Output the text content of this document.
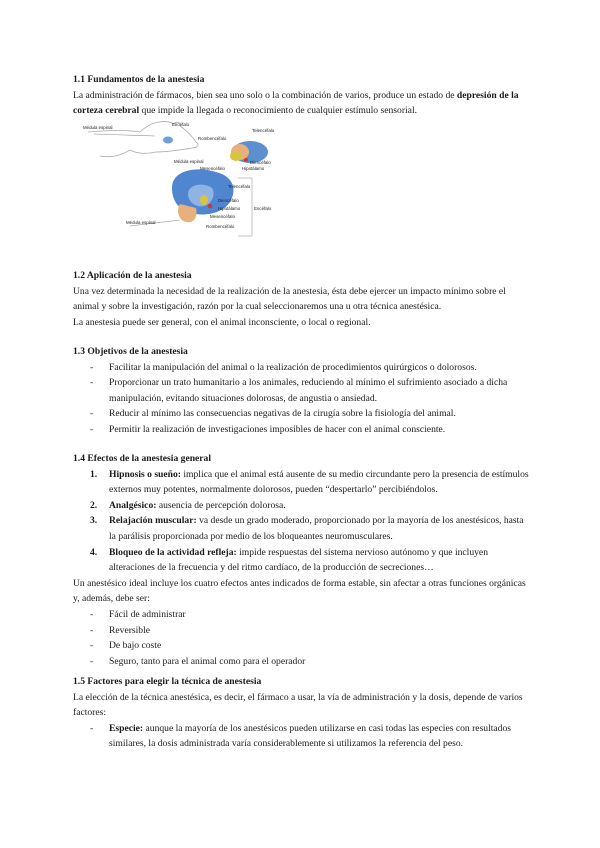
1.1 Fundamentos de la anestesia

La administración de fármacos, bien sea uno solo o la combinación de varios, produce un estado de depresión de la corteza cerebral que impide la llegada o reconocimiento de cualquier estímulo sensorial.

Médula espinal
Encéfalo
Rombencéfalo
Telencéfalo
Diencéfalo
Hipotálamo
Mesencéfalo
Médula espinal
Telencéfalo
Diencéfalo
Hipotálamo
Mesencéfalo
Rombencéfalo
Encéfalo
Médula espinal
1.2 Aplicación de la anestesia

Una vez determinada la necesidad de la realización de la anestesia, ésta debe ejercer un impacto mínimo sobre el animal y sobre la investigación, razón por la cual seleccionaremos una u otra técnica anestésica.

La anestesia puede ser general, con el animal inconsciente, o local o regional.

1.3 Objetivos de la anestesia
- Facilitar la manipulación del animal o la realización de procedimientos quirúrgicos o dolorosos.
- Proporcionar un trato humanitario a los animales, reduciendo al mínimo el sufrimiento asociado a dicha manipulación, evitando situaciones dolorosas, de angustia o ansiedad.
- Reducir al mínimo las consecuencias negativas de la cirugía sobre la fisiología del animal.
- Permitir la realización de investigaciones imposibles de hacer con el animal consciente.
1.4 Efectos de la anestesia general
1. Hipnosis o sueño: implica que el animal está ausente de su medio circundante pero la presencia de estímulos externos muy potentes, normalmente dolorosos, pueden “despertarlo” percibiéndolos.
2. Analgésico: ausencia de percepción dolorosa.
3. Relajación muscular: va desde un grado moderado, proporcionado por la mayoría de los anestésicos, hasta la parálisis proporcionada por medio de los bloqueantes neuromusculares.
4. Bloqueo de la actividad refleja: impide respuestas del sistema nervioso autónomo y que incluyen alteraciones de la frecuencia y del ritmo cardíaco, de la producción de secreciones…

Un anestésico ideal incluye los cuatro efectos antes indicados de forma estable, sin afectar a otras funciones orgánicas y, además, debe ser:

- Fácil de administrar
- Reversible
- De bajo coste
- Seguro, tanto para el animal como para el operador
1.5 Factores para elegir la técnica de anestesia

La elección de la técnica anestésica, es decir, el fármaco a usar, la vía de administración y la dosis, depende de varios factores:

- Especie: aunque la mayoría de los anestésicos pueden utilizarse en casi todas las especies con resultados similares, la dosis administrada varía considerablemente si utilizamos la referencia del peso.
